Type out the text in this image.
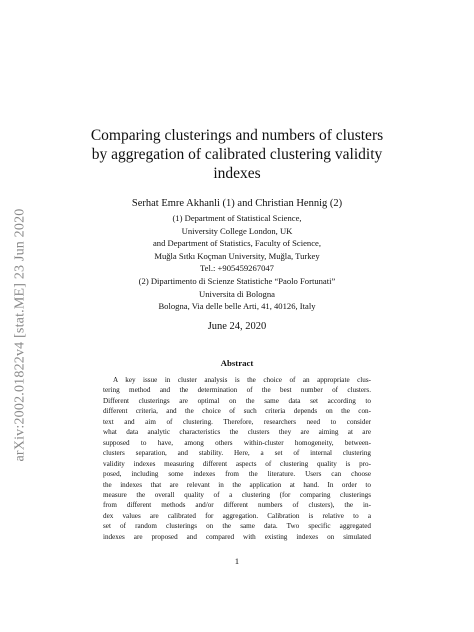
arXiv:2002.01822v4 [stat.ME] 23 Jun 2020
Comparing clusterings and numbers of clusters
by aggregation of calibrated clustering validity
indexes
Serhat Emre Akhanli (1) and Christian Hennig (2)
(1) Department of Statistical Science,
University College London, UK
and Department of Statistics, Faculty of Science,
Muğla Sıtkı Koçman University, Muğla, Turkey
Tel.: +905459267047
(2) Dipartimento di Scienze Statistiche “Paolo Fortunati”
Universita di Bologna
Bologna, Via delle belle Arti, 41, 40126, Italy
June 24, 2020
Abstract
A key issue in cluster analysis is the choice of an appropriate clus-
tering method and the determination of the best number of clusters.
Different clusterings are optimal on the same data set according to
different criteria, and the choice of such criteria depends on the con-
text and aim of clustering. Therefore, researchers need to consider
what data analytic characteristics the clusters they are aiming at are
supposed to have, among others within-cluster homogeneity, between-
clusters separation, and stability. Here, a set of internal clustering
validity indexes measuring different aspects of clustering quality is pro-
posed, including some indexes from the literature. Users can choose
the indexes that are relevant in the application at hand. In order to
measure the overall quality of a clustering (for comparing clusterings
from different methods and/or different numbers of clusters), the in-
dex values are calibrated for aggregation. Calibration is relative to a
set of random clusterings on the same data. Two specific aggregated
indexes are proposed and compared with existing indexes on simulated
1
